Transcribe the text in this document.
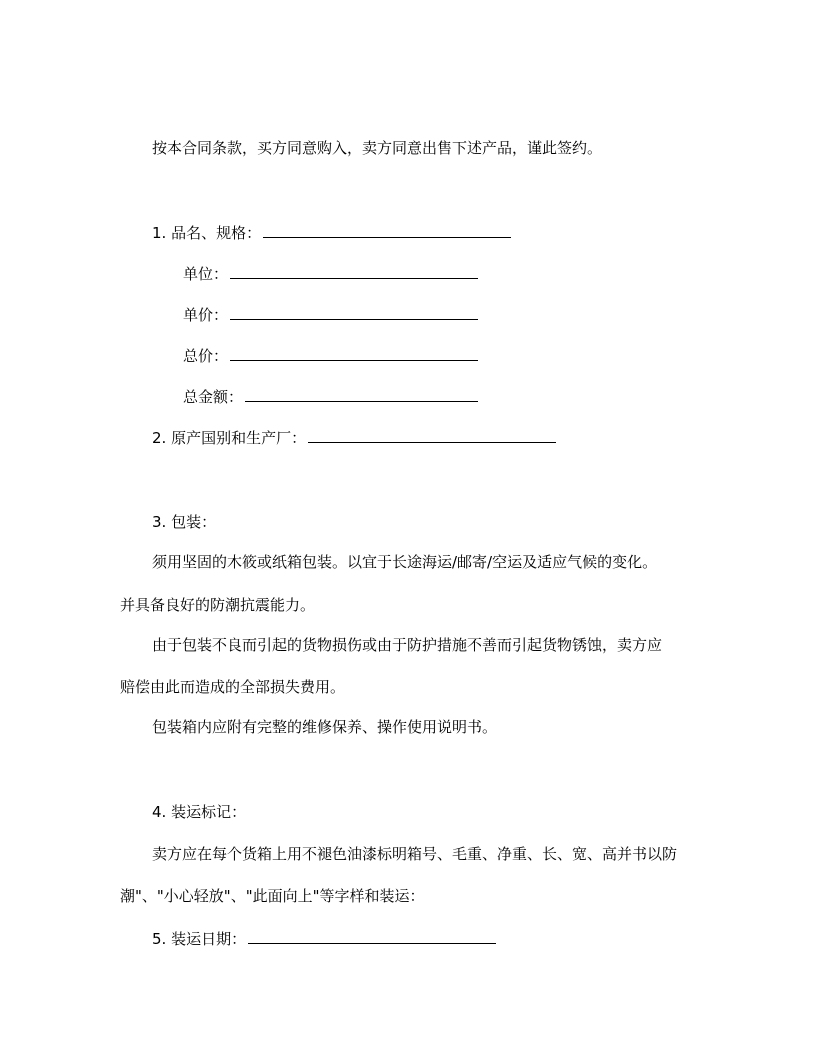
按本合同条款，买方同意购入，卖方同意出售下述产品，谨此签约。
1. 品名、规格：
单位：
单价：
总价：
总金额：
2. 原产国别和生产厂：
3. 包装：
须用坚固的木筱或纸箱包装。以宜于长途海运/邮寄/空运及适应气候的变化。
并具备良好的防潮抗震能力。
由于包装不良而引起的货物损伤或由于防护措施不善而引起货物锈蚀，卖方应
赔偿由此而造成的全部损失费用。
包装箱内应附有完整的维修保养、操作使用说明书。
4. 装运标记：
卖方应在每个货箱上用不褪色油漆标明箱号、毛重、净重、长、宽、高并书以防
潮"、"小心轻放"、"此面向上"等字样和装运：
5. 装运日期：
